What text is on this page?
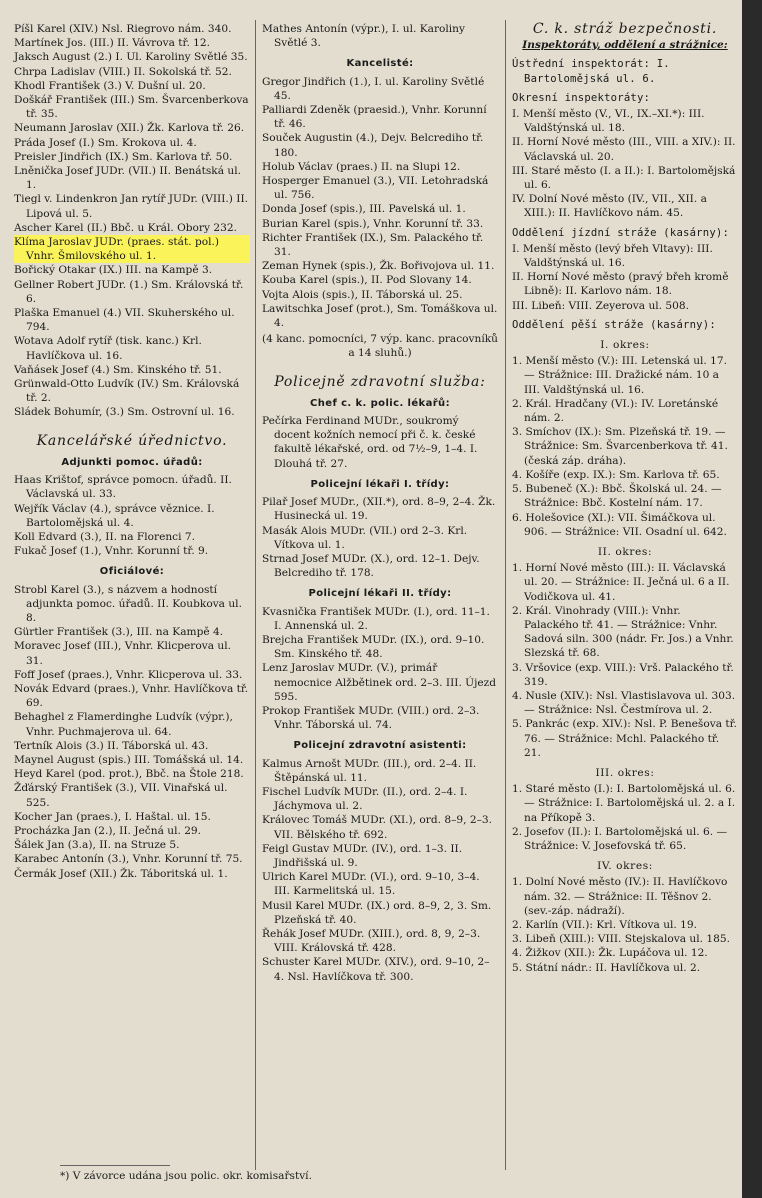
Píšl Karel (XIV.) Nsl. Riegrovo nám. 340.

Martínek Jos. (III.) II. Vávrova tř. 12.

Jaksch August (2.) I. Ul. Karoliny Světlé 35.

Chrpa Ladislav (VIII.) II. Sokolská tř. 52.

Khodl František (3.) V. Dušní ul. 20.

Doškář František (III.) Sm. Švarcenberkova tř. 35.

Neumann Jaroslav (XII.) Žk. Karlova tř. 26.

Práda Josef (I.) Sm. Krokova ul. 4.

Preisler Jindřich (IX.) Sm. Karlova tř. 50.

Lněnička Josef JUDr. (VII.) II. Benátská ul. 1.

Tiegl v. Lindenkron Jan rytíř JUDr. (VIII.) II. Lipová ul. 5.

Ascher Karel (II.) Bbč. u Král. Obory 232.

Klíma Jaroslav JUDr. (praes. stát. pol.) Vnhr. Šmilovského ul. 1.

Bořický Otakar (IX.) III. na Kampě 3.

Gellner Robert JUDr. (1.) Sm. Královská tř. 6.

Plaška Emanuel (4.) VII. Skuherského ul. 794.

Wotava Adolf rytíř (tisk. kanc.) Krl. Havlíčkova ul. 16.

Vaňásek Josef (4.) Sm. Kinského tř. 51.

Grünwald-Otto Ludvík (IV.) Sm. Královská tř. 2.

Sládek Bohumír, (3.) Sm. Ostrovní ul. 16.

Kancelářské úřednictvo.
Adjunkti pomoc. úřadů:

Haas Krištof, správce pomocn. úřadů. II. Václavská ul. 33.

Wejřík Václav (4.), správce věznice. I. Bartolomějská ul. 4.

Koll Edvard (3.), II. na Florenci 7.

Fukač Josef (1.), Vnhr. Korunní tř. 9.

Oficiálové:

Strobl Karel (3.), s názvem a hodností adjunkta pomoc. úřadů. II. Koubkova ul. 8.

Gürtler František (3.), III. na Kampě 4.

Moravec Josef (III.), Vnhr. Klicperova ul. 31.

Foff Josef (praes.), Vnhr. Klicperova ul. 33.

Novák Edvard (praes.), Vnhr. Havlíčkova tř. 69.

Behaghel z Flamerdinghe Ludvík (výpr.), Vnhr. Puchmajerova ul. 64.

Tertník Alois (3.) II. Táborská ul. 43.

Maynel August (spis.) III. Tomášská ul. 14.

Heyd Karel (pod. prot.), Bbč. na Štole 218.

Žďárský František (3.), VII. Vinařská ul. 525.

Kocher Jan (praes.), I. Haštal. ul. 15.

Procházka Jan (2.), II. Ječná ul. 29.

Šálek Jan (3.a), II. na Struze 5.

Karabec Antonín (3.), Vnhr. Korunní tř. 75.

Čermák Josef (XII.) Žk. Táboritská ul. 1.

Mathes Antonín (výpr.), I. ul. Karoliny Světlé 3.

Kancelisté:

Gregor Jindřich (1.), I. ul. Karoliny Světlé 45.

Palliardi Zdeněk (praesid.), Vnhr. Korunní tř. 46.

Souček Augustin (4.), Dejv. Belcrediho tř. 180.

Holub Václav (praes.) II. na Slupi 12.

Hosperger Emanuel (3.), VII. Letohradská ul. 756.

Donda Josef (spis.), III. Pavelská ul. 1.

Burian Karel (spis.), Vnhr. Korunní tř. 33.

Richter František (IX.), Sm. Palackého tř. 31.

Zeman Hynek (spis.), Žk. Bořivojova ul. 11.

Kouba Karel (spis.), II. Pod Slovany 14.

Vojta Alois (spis.), II. Táborská ul. 25.

Lawitschka Josef (prot.), Sm. Tomáškova ul. 4.

(4 kanc. pomocníci, 7 výp. kanc. pracovníků a 14 sluhů.)

Policejně zdravotní služba:
Chef c. k. polic. lékařů:

Pečírka Ferdinand MUDr., soukromý docent kožních nemocí při č. k. české fakultě lékařské, ord. od 7½–9, 1–4. I. Dlouhá tř. 27.

Policejní lékaři I. třídy:

Pilař Josef MUDr., (XII.*), ord. 8–9, 2–4. Žk. Husinecká ul. 19.

Masák Alois MUDr. (VII.) ord 2–3. Krl. Vítkova ul. 1.

Strnad Josef MUDr. (X.), ord. 12–1. Dejv. Belcrediho tř. 178.

Policejní lékaři II. třídy:

Kvasnička František MUDr. (I.), ord. 11–1. I. Annenská ul. 2.

Brejcha František MUDr. (IX.), ord. 9–10. Sm. Kinského tř. 48.

Lenz Jaroslav MUDr. (V.), primář nemocnice Alžbětinek ord. 2–3. III. Újezd 595.

Prokop František MUDr. (VIII.) ord. 2–3. Vnhr. Táborská ul. 74.

Policejní zdravotní asistenti:

Kalmus Arnošt MUDr. (III.), ord. 2–4. II. Štěpánská ul. 11.

Fischel Ludvík MUDr. (II.), ord. 2–4. I. Jáchymova ul. 2.

Královec Tomáš MUDr. (XI.), ord. 8–9, 2–3. VII. Bělského tř. 692.

Feigl Gustav MUDr. (IV.), ord. 1–3. II. Jindřišská ul. 9.

Ulrich Karel MUDr. (VI.), ord. 9–10, 3–4. III. Karmelitská ul. 15.

Musil Karel MUDr. (IX.) ord. 8–9, 2, 3. Sm. Plzeňská tř. 40.

Řehák Josef MUDr. (XIII.), ord. 8, 9, 2–3. VIII. Královská tř. 428.

Schuster Karel MUDr. (XIV.), ord. 9–10, 2–4. Nsl. Havlíčkova tř. 300.

C. k. stráž bezpečnosti.
Inspektoráty, oddělení a strážnice:

Ústřední inspektorát: I. Bartolomějská ul. 6.

Okresní inspektoráty:

I. Menší město (V., VI., IX.–XI.*): III. Valdštýnská ul. 18.

II. Horní Nové město (III., VIII. a XIV.): II. Václavská ul. 20.

III. Staré město (I. a II.): I. Bartolomějská ul. 6.

IV. Dolní Nové město (IV., VII., XII. a XIII.): II. Havlíčkovo nám. 45.

Oddělení jízdní stráže (kasárny):

I. Menší město (levý břeh Vltavy): III. Valdštýnská ul. 16.

II. Horní Nové město (pravý břeh kromě Libně): II. Karlovo nám. 18.

III. Libeň: VIII. Zeyerova ul. 508.

Oddělení pěší stráže (kasárny):
I. okres:

1. Menší město (V.): III. Letenská ul. 17. — Strážnice: III. Dražické nám. 10 a III. Valdštýnská ul. 16.

2. Král. Hradčany (VI.): IV. Loretánské nám. 2.

3. Smíchov (IX.): Sm. Plzeňská tř. 19. — Strážnice: Sm. Švarcenberkova tř. 41. (česká záp. dráha).

4. Košíře (exp. IX.): Sm. Karlova tř. 65.

5. Bubeneč (X.): Bbč. Školská ul. 24. — Strážnice: Bbč. Kostelní nám. 17.

6. Holešovice (XI.): VII. Šimáčkova ul. 906. — Strážnice: VII. Osadní ul. 642.

II. okres:

1. Horní Nové město (III.): II. Václavská ul. 20. — Strážnice: II. Ječná ul. 6 a II. Vodičkova ul. 41.

2. Král. Vinohrady (VIII.): Vnhr. Palackého tř. 41. — Strážnice: Vnhr. Sadová siln. 300 (nádr. Fr. Jos.) a Vnhr. Slezská tř. 68.

3. Vršovice (exp. VIII.): Vrš. Palackého tř. 319.

4. Nusle (XIV.): Nsl. Vlastislavova ul. 303. — Strážnice: Nsl. Čestmírova ul. 2.

5. Pankrác (exp. XIV.): Nsl. P. Benešova tř. 76. — Strážnice: Mchl. Palackého tř. 21.

III. okres:

1. Staré město (I.): I. Bartolomějská ul. 6. — Strážnice: I. Bartolomějská ul. 2. a I. na Příkopě 3.

2. Josefov (II.): I. Bartolomějská ul. 6. — Strážnice: V. Josefovská tř. 65.

IV. okres:

1. Dolní Nové město (IV.): II. Havlíčkovo nám. 32. — Strážnice: II. Těšnov 2. (sev.-záp. nádraží).

2. Karlín (VII.): Krl. Vítkova ul. 19.

3. Libeň (XIII.): VIII. Stejskalova ul. 185.

4. Žižkov (XII.): Žk. Lupáčova ul. 12.

5. Státní nádr.: II. Havlíčkova ul. 2.

*) V závorce udána jsou polic. okr. komisařství.
